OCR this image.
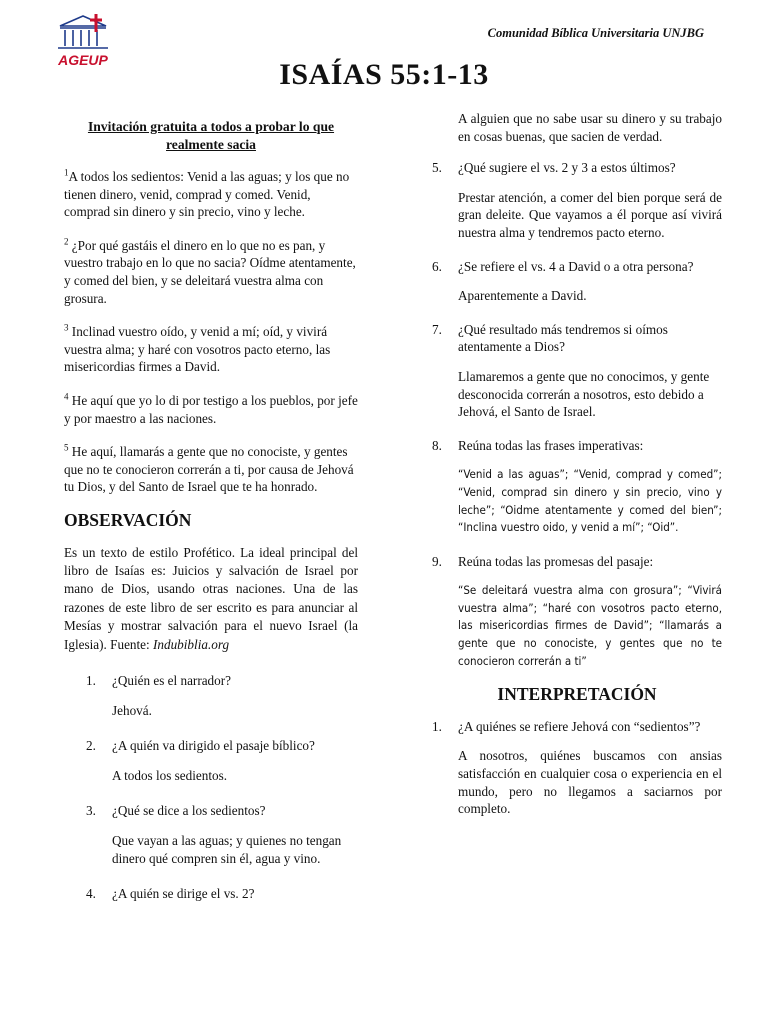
AGEUP
Comunidad Bíblica Universitaria UNJBG
ISAÍAS 55:1-13

Invitación gratuita a todos a probar lo que realmente sacia

$^1$A todos los sedientos: Venid a las aguas; y los que no tienen dinero, venid, comprad y comed. Venid, comprad sin dinero y sin precio, vino y leche.

$^2$ ¿Por qué gastáis el dinero en lo que no es pan, y vuestro trabajo en lo que no sacia? Oídme atentamente, y comed del bien, y se deleitará vuestra alma con grosura.

$^3$ Inclinad vuestro oído, y venid a mí; oíd, y vivirá vuestra alma; y haré con vosotros pacto eterno, las misericordias firmes a David.

$^4$ He aquí que yo lo di por testigo a los pueblos, por jefe y por maestro a las naciones.

$^5$ He aquí, llamarás a gente que no conociste, y gentes que no te conocieron correrán a ti, por causa de Jehová tu Dios, y del Santo de Israel que te ha honrado.

OBSERVACIÓN

Es un texto de estilo Profético. La ideal principal del libro de Isaías es: Juicios y salvación de Israel por mano de Dios, usando otras naciones. Una de las razones de este libro de ser escrito es para anunciar al Mesías y mostrar salvación para el nuevo Israel (la Iglesia). Fuente: Indubiblia.org

1. ¿Quién es el narrador?

Jehová.

2. ¿A quién va dirigido el pasaje bíblico?

A todos los sedientos.

3. ¿Qué se dice a los sedientos?

Que vayan a las aguas; y quienes no tengan dinero qué compren sin él, agua y vino.

4. ¿A quién se dirige el vs. 2?

A alguien que no sabe usar su dinero y su trabajo en cosas buenas, que sacien de verdad.

5. ¿Qué sugiere el vs. 2 y 3 a estos últimos?

Prestar atención, a comer del bien porque será de gran deleite. Que vayamos a él porque así vivirá nuestra alma y tendremos pacto eterno.

6. ¿Se refiere el vs. 4 a David o a otra persona?

Aparentemente a David.

7. ¿Qué resultado más tendremos si oímos atentamente a Dios?

Llamaremos a gente que no conocimos, y gente desconocida correrán a nosotros, esto debido a Jehová, el Santo de Israel.

8. Reúna todas las frases imperativas:

“Venid a las aguas”; “Venid, comprad y comed”; “Venid, comprad sin dinero y sin precio, vino y leche”; “Oidme atentamente y comed del bien”; “Inclina vuestro oido, y venid a mí”; “Oid”.

9. Reúna todas las promesas del pasaje:

“Se deleitará vuestra alma con grosura”; “Vivirá vuestra alma”; “haré con vosotros pacto eterno, las misericordias firmes de David”; “llamarás a gente que no conociste, y gentes que no te conocieron correrán a ti”

INTERPRETACIÓN

1. ¿A quiénes se refiere Jehová con “sedientos”?

A nosotros, quiénes buscamos con ansias satisfacción en cualquier cosa o experiencia en el mundo, pero no llegamos a saciarnos por completo.
